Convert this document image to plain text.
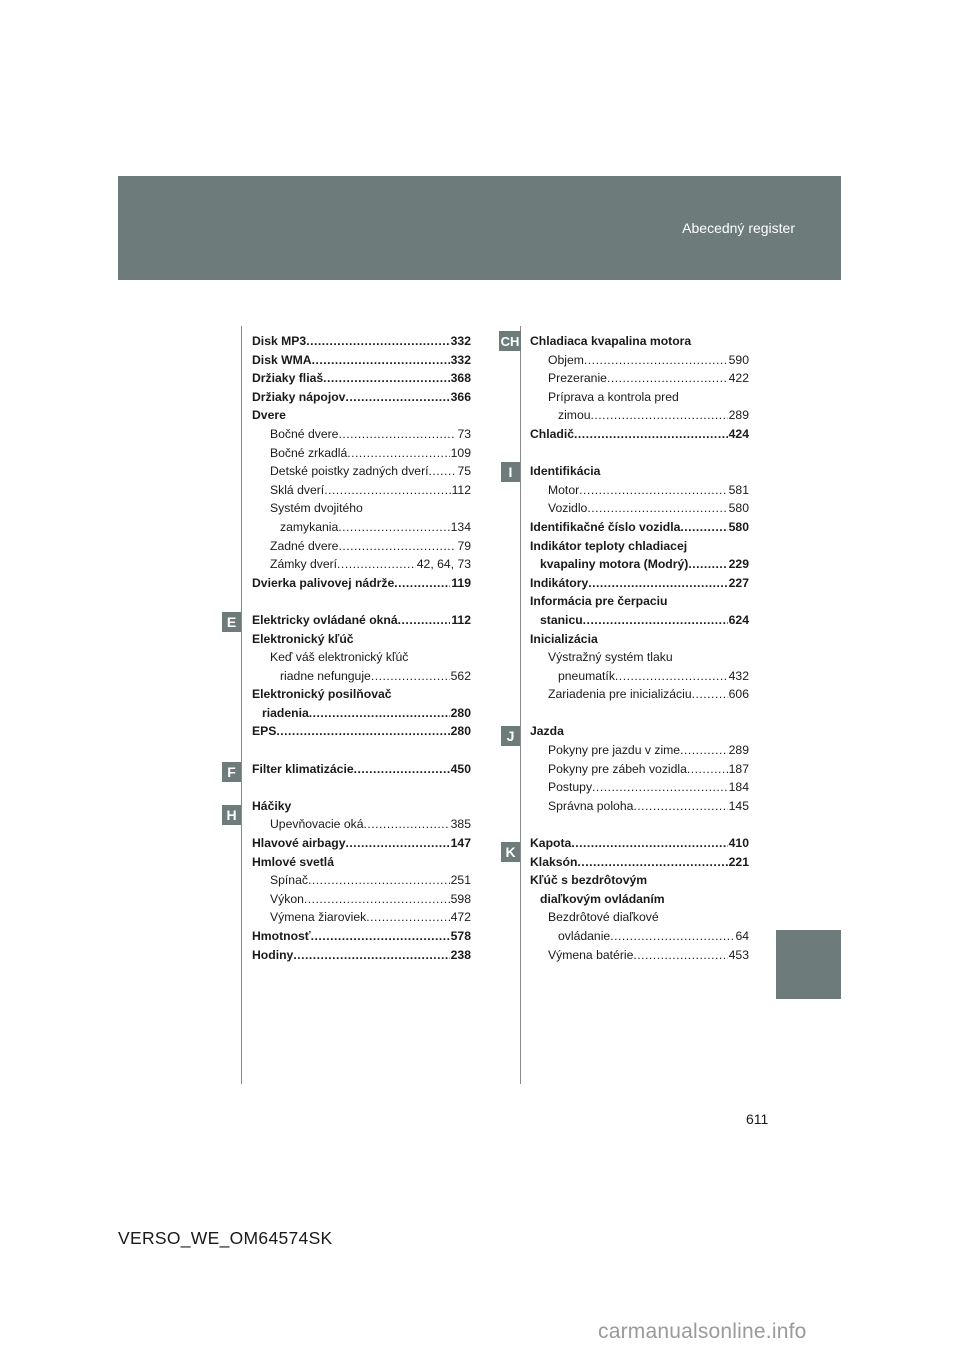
Abecedný register
E
F
H
CH
I
J
K
Disk MP3 .....	332
Disk WMA .....	332
Držiaky fliaš .....	368
Držiaky nápojov .....	366
Dvere
Bočné dvere .....	73
Bočné zrkadlá .....	109
Detské poistky zadných dverí ..... 75
Sklá dverí .....	112
Systém dvojitého
zamykania .....	134
Zadné dvere .....	79
Zámky dverí .....	42, 64, 73
Dvierka palivovej nádrže .....	119
Elektricky ovládané okná .....	112
Elektronický kľúč
Keď váš elektronický kľúč
riadne nefunguje .....	562
Elektronický posilňovač
riadenia .....	280
EPS .....	280
Filter klimatizácie .....	450
Háčiky
Upevňovacie oká .....	385
Hlavové airbagy .....	147
Hmlové svetlá
Spínač .....	251
Výkon .....	598
Výmena žiaroviek .....	472
Hmotnosť .....	578
Hodiny .....	238
Chladiaca kvapalina motora
Objem .....	590
Prezeranie .....	422
Príprava a kontrola pred
zimou .....	289
Chladič .....	424
Identifikácia
Motor .....	581
Vozidlo .....	580
Identifikačné číslo vozidla .....	580
Indikátor teploty chladiacej
kvapaliny motora (Modrý) .....	229
Indikátory .....	227
Informácia pre čerpaciu
stanicu .....	624
Inicializácia
Výstražný systém tlaku
pneumatík .....	432
Zariadenia pre inicializáciu .....	606
Jazda
Pokyny pre jazdu v zime .....	289
Pokyny pre zábeh vozidla .....	187
Postupy .....	184
Správna poloha .....	145
Kapota .....	410
Klaksón .....	221
Kľúč s bezdrôtovým
diaľkovým ovládaním
Bezdrôtové diaľkové
ovládanie .....	64
Výmena batérie .....	453
611
VERSO_WE_OM64574SK
carmanualsonline.info
